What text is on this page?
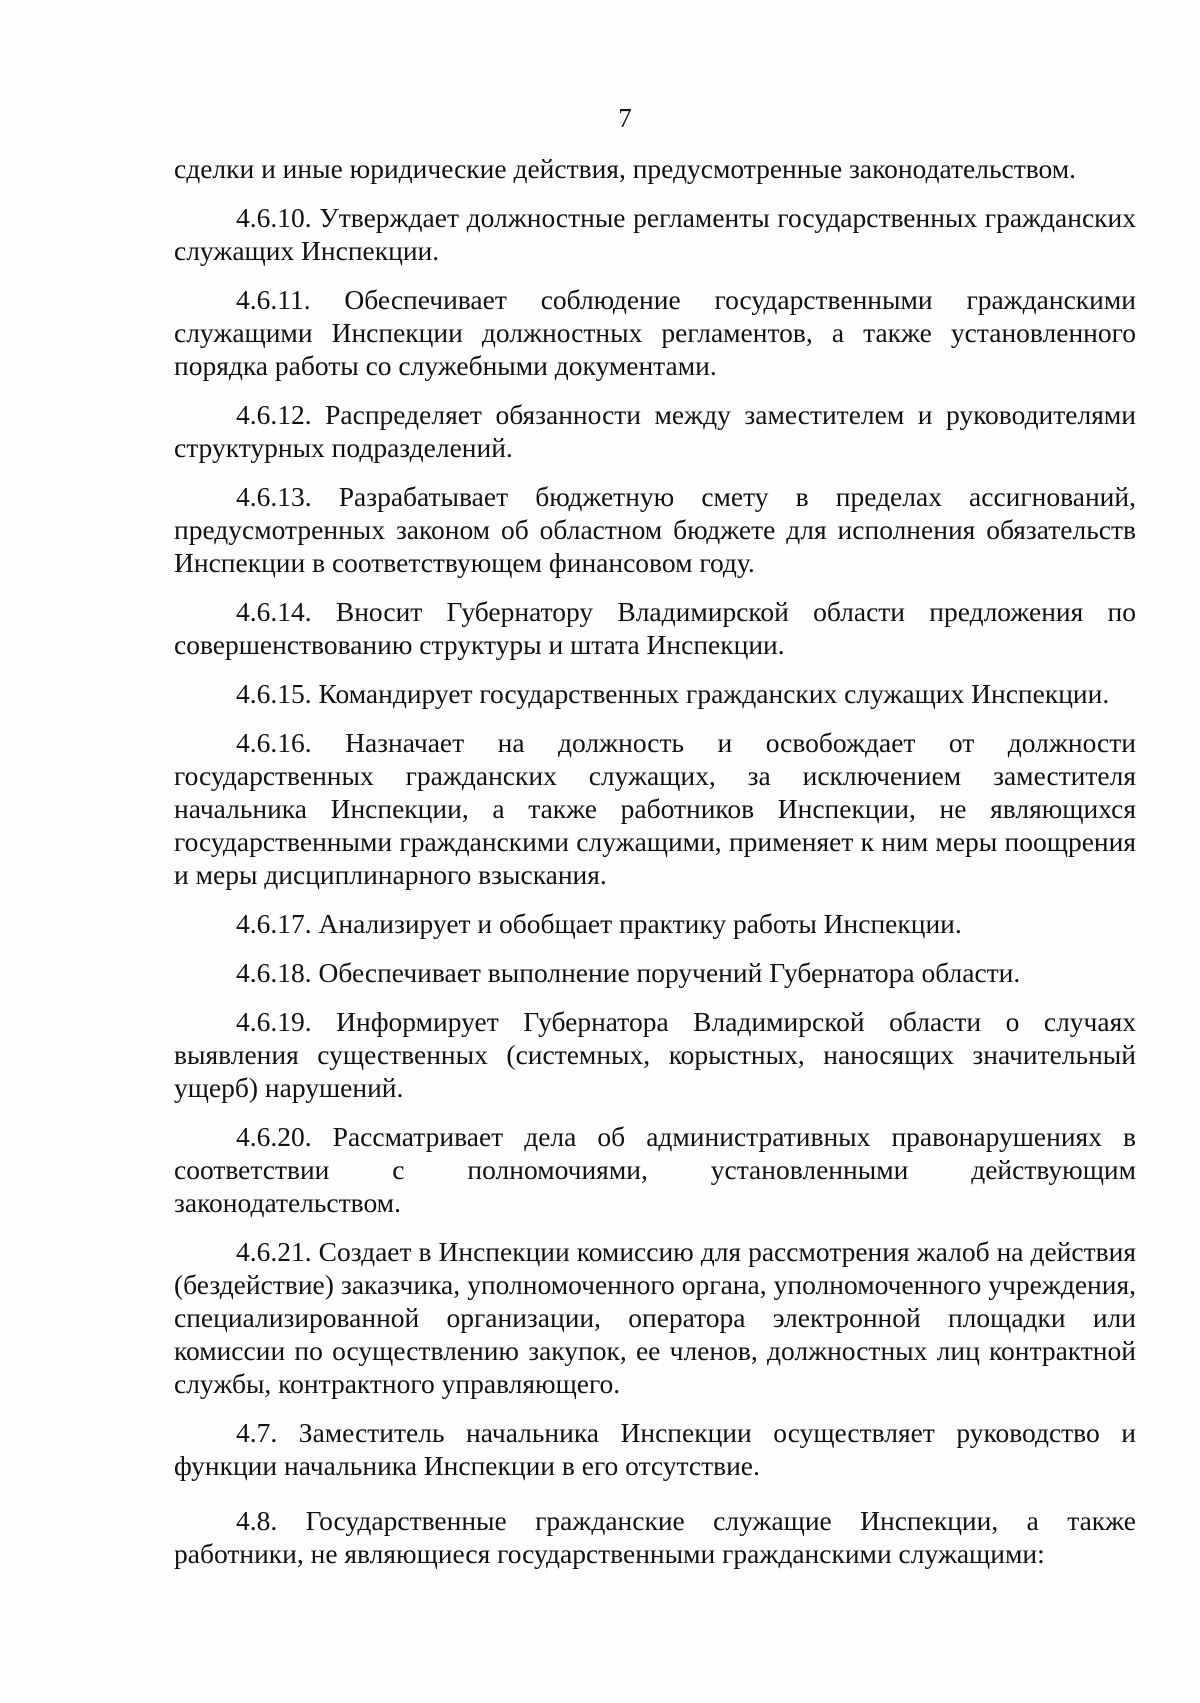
7

сделки и иные юридические действия, предусмотренные законодательством.

4.6.10. Утверждает должностные регламенты государственных гражданских служащих Инспекции.

4.6.11. Обеспечивает соблюдение государственными гражданскими служащими Инспекции должностных регламентов, а также установленного порядка работы со служебными документами.

4.6.12. Распределяет обязанности между заместителем и руководителями структурных подразделений.

4.6.13. Разрабатывает бюджетную смету в пределах ассигнований, предусмотренных законом об областном бюджете для исполнения обязательств Инспекции в соответствующем финансовом году.

4.6.14. Вносит Губернатору Владимирской области предложения по совершенствованию структуры и штата Инспекции.

4.6.15. Командирует государственных гражданских служащих Инспекции.

4.6.16. Назначает на должность и освобождает от должности государственных гражданских служащих, за исключением заместителя начальника Инспекции, а также работников Инспекции, не являющихся государственными гражданскими служащими, применяет к ним меры поощрения и меры дисциплинарного взыскания.

4.6.17. Анализирует и обобщает практику работы Инспекции.

4.6.18. Обеспечивает выполнение поручений Губернатора области.

4.6.19. Информирует Губернатора Владимирской области о случаях выявления существенных (системных, корыстных, наносящих значительный ущерб) нарушений.

4.6.20. Рассматривает дела об административных правонарушениях в соответствии с полномочиями, установленными действующим законодательством.

4.6.21. Создает в Инспекции комиссию для рассмотрения жалоб на действия (бездействие) заказчика, уполномоченного органа, уполномоченного учреждения, специализированной организации, оператора электронной площадки или комиссии по осуществлению закупок, ее членов, должностных лиц контрактной службы, контрактного управляющего.

4.7. Заместитель начальника Инспекции осуществляет руководство и функции начальника Инспекции в его отсутствие.

4.8. Государственные гражданские служащие Инспекции, а также работники, не являющиеся государственными гражданскими служащими:
